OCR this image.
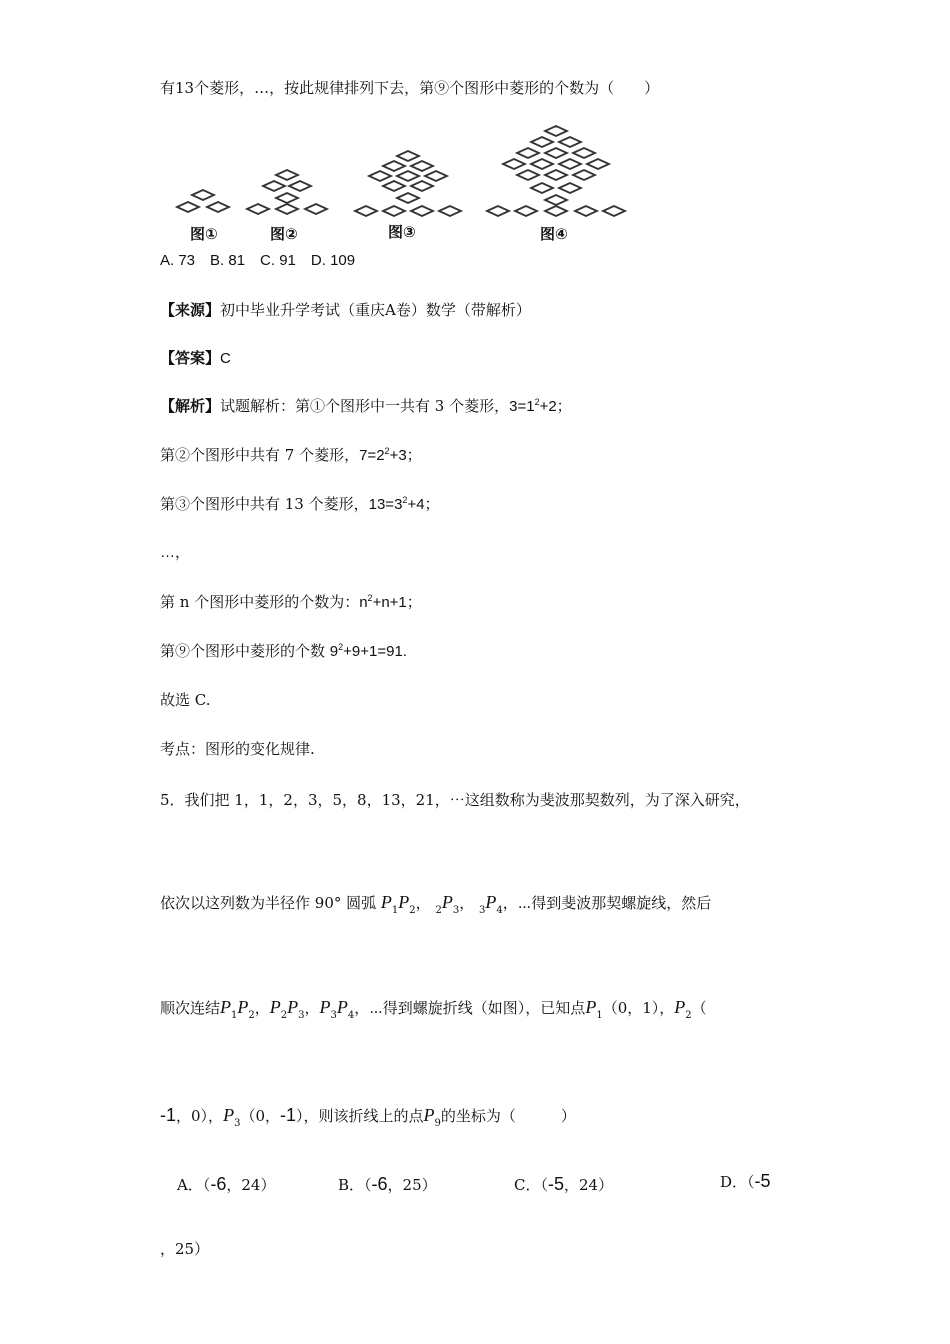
有13个菱形，…，按此规律排列下去，第⑨个图形中菱形的个数为（　　）
图①	图②	图③	图④
A. 73　B. 81　C. 91　D. 109
【来源】初中毕业升学考试（重庆A卷）数学（带解析）
【答案】C
【解析】试题解析：第①个图形中一共有 3 个菱形，$3=1^2+2$；
第②个图形中共有 7 个菱形，$7=2^2+3$；
第③个图形中共有 13 个菱形，$13=3^2+4$；
…，
第 n 个图形中菱形的个数为：$n^2+n+1$；
第⑨个图形中菱形的个数 $9^2+9+1=91$.
故选 C.
考点：图形的变化规律.
5．我们把 1，1，2，3，5，8，13，21，⋯这组数称为斐波那契数列，为了深入研究，
依次以这列数为半径作 90° 圆弧 $P_1P_2$， $_2P_3$， $_3P_4$，⋯得到斐波那契螺旋线，然后
顺次连结$P_1P_2$，$P_2P_3$，$P_3P_4$，⋯得到螺旋折线（如图），已知点$P_1(0$，1），$P_2$（
-1，0），$P_3(0$，-1），则该折线上的点$P_9$的坐标为（　　　）
A．（-6，24）	B．（-6，25）	C．（-5，24）	D．（-5
，25）
